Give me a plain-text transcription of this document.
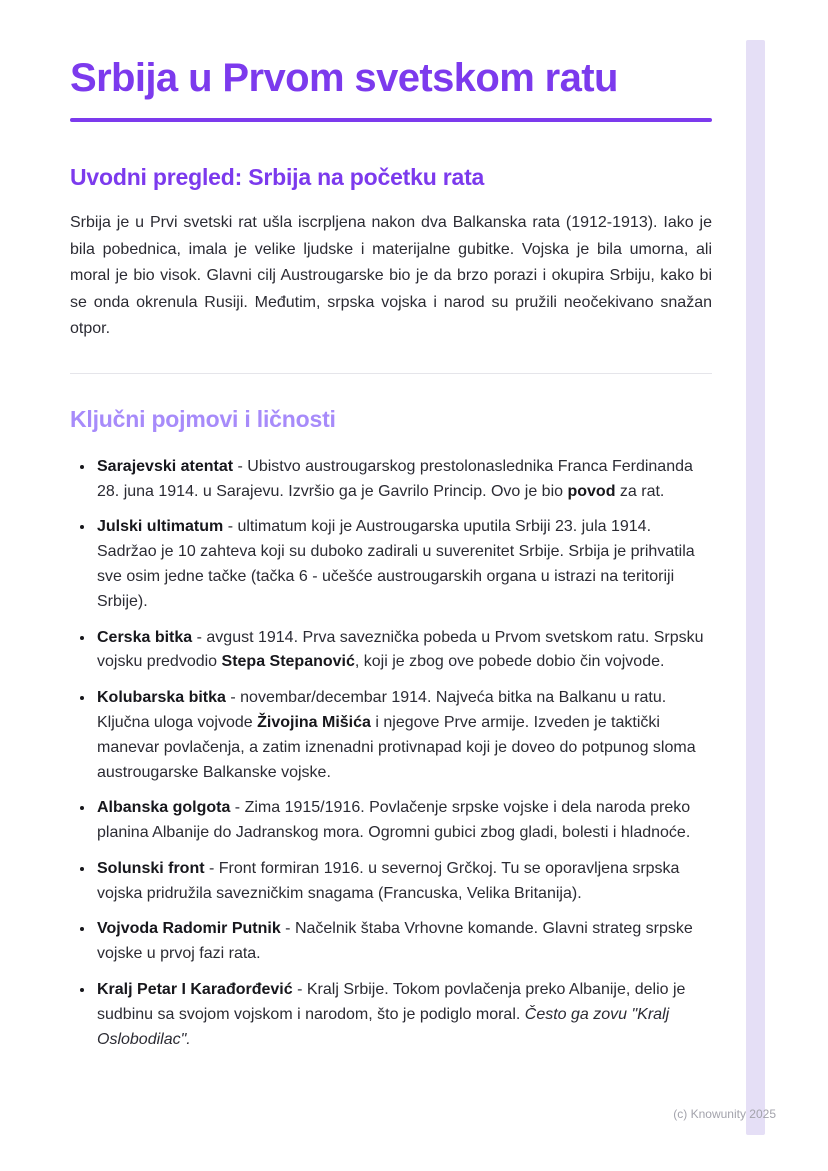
Srbija u Prvom svetskom ratu
Uvodni pregled: Srbija na početku rata

Srbija je u Prvi svetski rat ušla iscrpljena nakon dva Balkanska rata (1912-1913). Iako je bila pobednica, imala je velike ljudske i materijalne gubitke. Vojska je bila umorna, ali moral je bio visok. Glavni cilj Austrougarske bio je da brzo porazi i okupira Srbiju, kako bi se onda okrenula Rusiji. Međutim, srpska vojska i narod su pružili neočekivano snažan otpor.

Ključni pojmovi i ličnosti
• Sarajevski atentat - Ubistvo austrougarskog prestolonaslednika Franca Ferdinanda 28. juna 1914. u Sarajevu. Izvršio ga je Gavrilo Princip. Ovo je bio povod za rat.
• Julski ultimatum - ultimatum koji je Austrougarska uputila Srbiji 23. jula 1914. Sadržao je 10 zahteva koji su duboko zadirali u suverenitet Srbije. Srbija je prihvatila sve osim jedne tačke (tačka 6 - učešće austrougarskih organa u istrazi na teritoriji Srbije).
• Cerska bitka - avgust 1914. Prva saveznička pobeda u Prvom svetskom ratu. Srpsku vojsku predvodio Stepa Stepanović, koji je zbog ove pobede dobio čin vojvode.
• Kolubarska bitka - novembar/decembar 1914. Najveća bitka na Balkanu u ratu. Ključna uloga vojvode Živojina Mišića i njegove Prve armije. Izveden je taktički manevar povlačenja, a zatim iznenadni protivnapad koji je doveo do potpunog sloma austrougarske Balkanske vojske.
• Albanska golgota - Zima 1915/1916. Povlačenje srpske vojske i dela naroda preko planina Albanije do Jadranskog mora. Ogromni gubici zbog gladi, bolesti i hladnoće.
• Solunski front - Front formiran 1916. u severnoj Grčkoj. Tu se oporavljena srpska vojska pridružila savezničkim snagama (Francuska, Velika Britanija).
• Vojvoda Radomir Putnik - Načelnik štaba Vrhovne komande. Glavni strateg srpske vojske u prvoj fazi rata.
• Kralj Petar I Karađorđević - Kralj Srbije. Tokom povlačenja preko Albanije, delio je sudbinu sa svojom vojskom i narodom, što je podiglo moral. Često ga zovu "Kralj Oslobodilac".
(c) Knowunity 2025
